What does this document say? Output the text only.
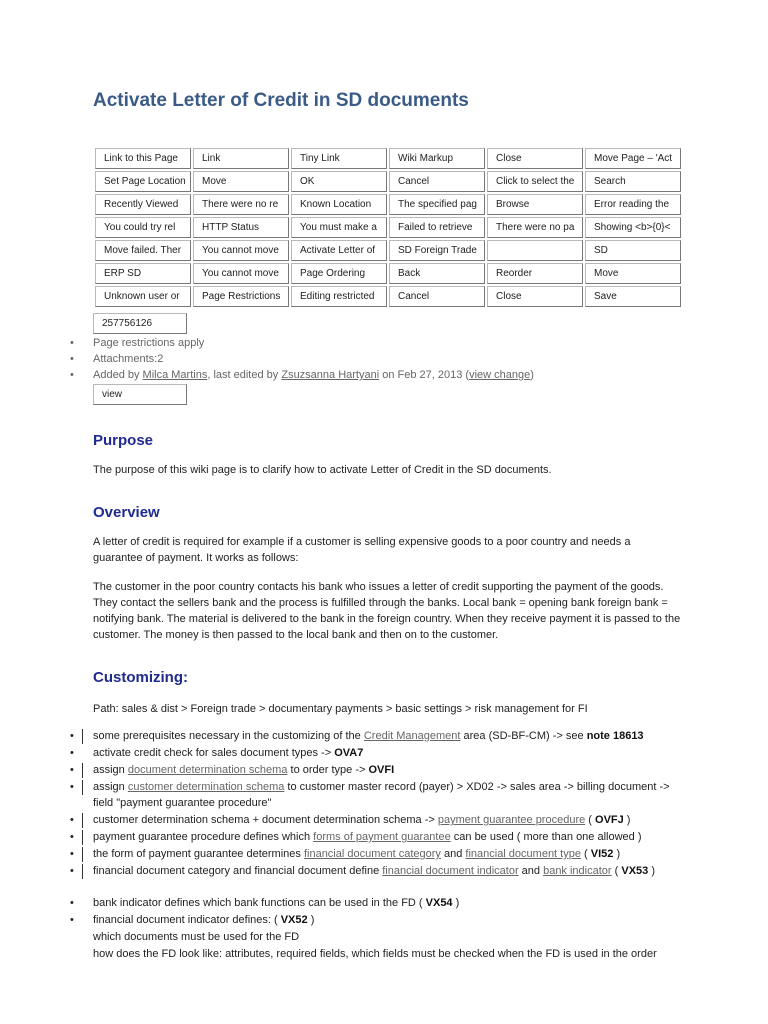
Activate Letter of Credit in SD documents
Link to this Page	Link	Tiny Link	Wiki Markup	Close	Move Page – 'Act
Set Page Location	Move	OK	Cancel	Click to select the	Search
Recently Viewed	There were no re	Known Location	The specified pag	Browse	Error reading the
You could try rel	HTTP Status	You must make a	Failed to retrieve	There were no pa	Showing <b>{0}<
Move failed. Ther	You cannot move	Activate Letter of	SD Foreign Trade		SD
ERP SD	You cannot move	Page Ordering	Back	Reorder	Move
Unknown user or	Page Restrictions	Editing restricted	Cancel	Close	Save
257756126
• Page restrictions apply
• Attachments:2
• Added by Milca Martins, last edited by Zsuzsanna Hartyani on Feb 27, 2013 (view change)
view
Purpose

The purpose of this wiki page is to clarify how to activate Letter of Credit in the SD documents.

Overview

A letter of credit is required for example if a customer is selling expensive goods to a poor country and needs a guarantee of payment. It works as follows:

The customer in the poor country contacts his bank who issues a letter of credit supporting the payment of the goods. They contact the sellers bank and the process is fulfilled through the banks. Local bank = opening bank foreign bank = notifying bank. The material is delivered to the bank in the foreign country. When they receive payment it is passed to the customer. The money is then passed to the local bank and then on to the customer.

Customizing:

Path: sales & dist > Foreign trade > documentary payments > basic settings > risk management for FI

• some prerequisites necessary in the customizing of the Credit Management area (SD-BF-CM) -> see note 18613
• activate credit check for sales document types -> OVA7
• assign document determination schema to order type -> OVFI
• assign customer determination schema to customer master record (payer) > XD02 -> sales area -> billing document -> field "payment guarantee procedure"
• customer determination schema + document determination schema -> payment guarantee procedure ( OVFJ )
• payment guarantee procedure defines which forms of payment guarantee can be used ( more than one allowed )
• the form of payment guarantee determines financial document category and financial document type ( VI52 )
• financial document category and financial document define financial document indicator and bank indicator ( VX53 )
• bank indicator defines which bank functions can be used in the FD ( VX54 )
• financial document indicator defines: ( VX52 )
which documents must be used for the FD
how does the FD look like: attributes, required fields, which fields must be checked when the FD is used in the order
